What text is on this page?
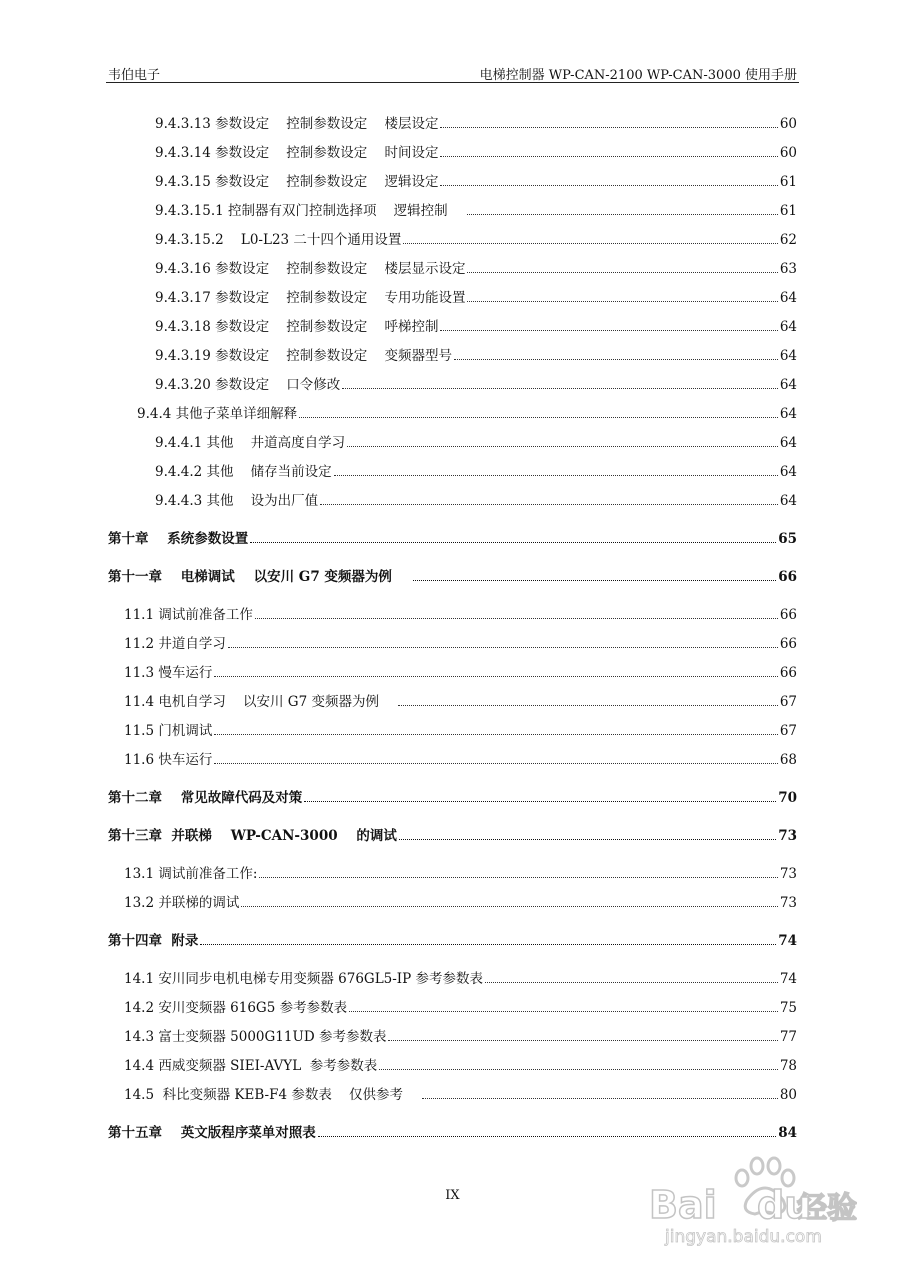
韦伯电子	电梯控制器 WP-CAN-2100 WP-CAN-3000 使用手册
9.4.3.13 参数设定    控制参数设定    楼层设定	60
9.4.3.14 参数设定    控制参数设定    时间设定	60
9.4.3.15 参数设定    控制参数设定    逻辑设定	61
9.4.3.15.1 控制器有双门控制选择项    逻辑控制	61
9.4.3.15.2    L0-L23 二十四个通用设置	62
9.4.3.16 参数设定    控制参数设定    楼层显示设定	63
9.4.3.17 参数设定    控制参数设定    专用功能设置	64
9.4.3.18 参数设定    控制参数设定    呼梯控制	64
9.4.3.19 参数设定    控制参数设定    变频器型号	64
9.4.3.20 参数设定    口令修改	64
9.4.4 其他子菜单详细解释	64
9.4.4.1 其他    井道高度自学习	64
9.4.4.2 其他    储存当前设定	64
9.4.4.3 其他    设为出厂值	64
第十章    系统参数设置	65
第十一章    电梯调试    以安川 G7 变频器为例	66
11.1 调试前准备工作	66
11.2 井道自学习	66
11.3 慢车运行	66
11.4 电机自学习    以安川 G7 变频器为例	67
11.5 门机调试	67
11.6 快车运行	68
第十二章    常见故障代码及对策	70
第十三章  并联梯    WP-CAN-3000    的调试	73
13.1 调试前准备工作:	73
13.2 并联梯的调试	73
第十四章  附录	74
14.1 安川同步电机电梯专用变频器 676GL5-IP 参考参数表	74
14.2 安川变频器 616G5 参考参数表	75
14.3 富士变频器 5000G11UD 参考参数表	77
14.4 西威变频器 SIEI-AVYL  参考参数表	78
14.5  科比变频器 KEB-F4 参数表    仅供参考	80
第十五章    英文版程序菜单对照表	84
IX	Bai	经验
du
jingyan.baidu.com
